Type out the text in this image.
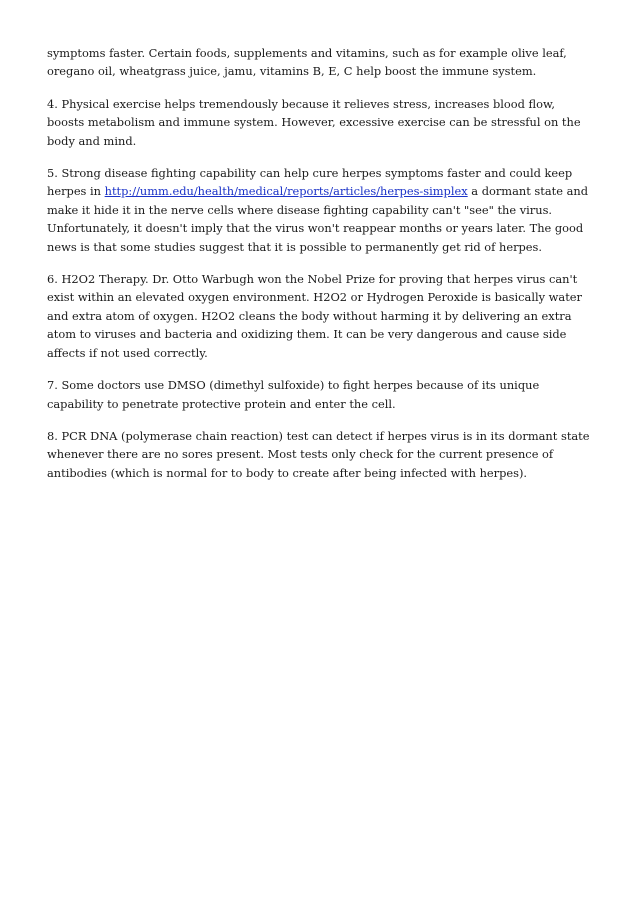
symptoms faster. Certain foods, supplements and vitamins, such as for example olive leaf, oregano oil, wheatgrass juice, jamu, vitamins B, E, C help boost the immune system.

4. Physical exercise helps tremendously because it relieves stress, increases blood flow, boosts metabolism and immune system. However, excessive exercise can be stressful on the body and mind.

5. Strong disease fighting capability can help cure herpes symptoms faster and could keep herpes in http://umm.edu/health/medical/reports/articles/herpes-simplex a dormant state and make it hide it in the nerve cells where disease fighting capability can't "see" the virus. Unfortunately, it doesn't imply that the virus won't reappear months or years later. The good news is that some studies suggest that it is possible to permanently get rid of herpes.

6. H2O2 Therapy. Dr. Otto Warbugh won the Nobel Prize for proving that herpes virus can't exist within an elevated oxygen environment. H2O2 or Hydrogen Peroxide is basically water and extra atom of oxygen. H2O2 cleans the body without harming it by delivering an extra atom to viruses and bacteria and oxidizing them. It can be very dangerous and cause side affects if not used correctly.

7. Some doctors use DMSO (dimethyl sulfoxide) to fight herpes because of its unique capability to penetrate protective protein and enter the cell.

8. PCR DNA (polymerase chain reaction) test can detect if herpes virus is in its dormant state whenever there are no sores present. Most tests only check for the current presence of antibodies (which is normal for to body to create after being infected with herpes).
